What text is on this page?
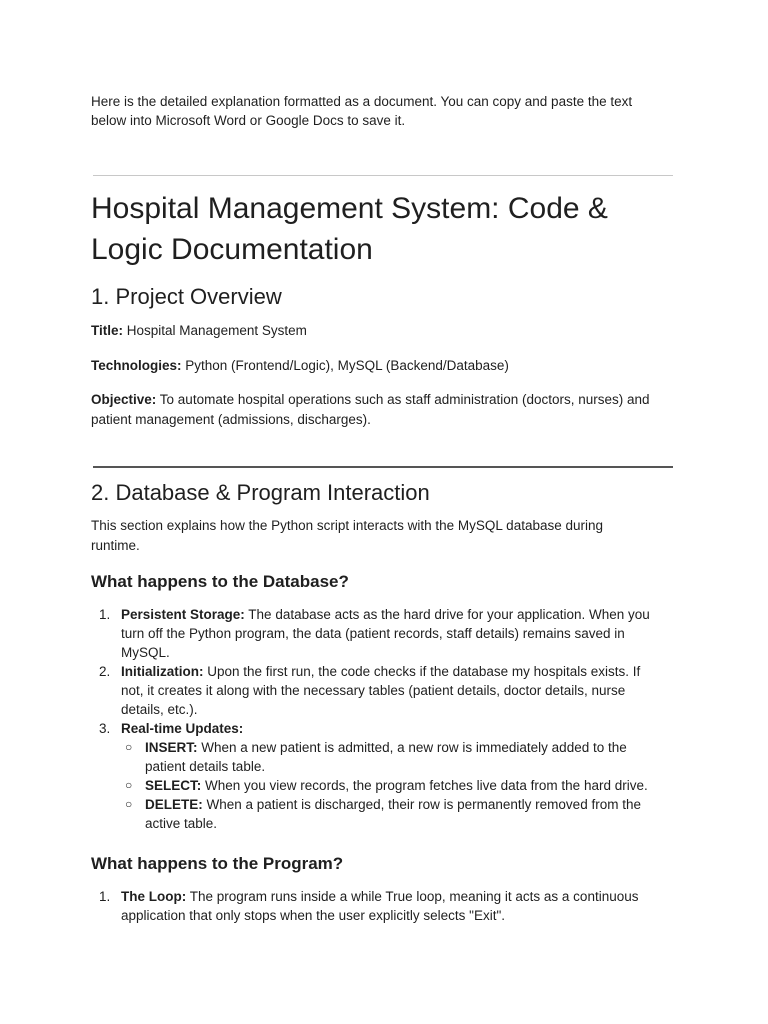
Here is the detailed explanation formatted as a document. You can copy and paste the text
below into Microsoft Word or Google Docs to save it.
Hospital Management System: Code &
Logic Documentation
1. Project Overview
Title: Hospital Management System
Technologies: Python (Frontend/Logic), MySQL (Backend/Database)
Objective: To automate hospital operations such as staff administration (doctors, nurses) and
patient management (admissions, discharges).
2. Database & Program Interaction
This section explains how the Python script interacts with the MySQL database during
runtime.
What happens to the Database?
1. Persistent Storage: The database acts as the hard drive for your application. When you
turn off the Python program, the data (patient records, staff details) remains saved in
MySQL.
2. Initialization: Upon the first run, the code checks if the database my hospitals exists. If
not, it creates it along with the necessary tables (patient details, doctor details, nurse
details, etc.).
3. Real-time Updates:
○ INSERT: When a new patient is admitted, a new row is immediately added to the
patient details table.
○ SELECT: When you view records, the program fetches live data from the hard drive.
○ DELETE: When a patient is discharged, their row is permanently removed from the
active table.
What happens to the Program?
1. The Loop: The program runs inside a while True loop, meaning it acts as a continuous
application that only stops when the user explicitly selects "Exit".
